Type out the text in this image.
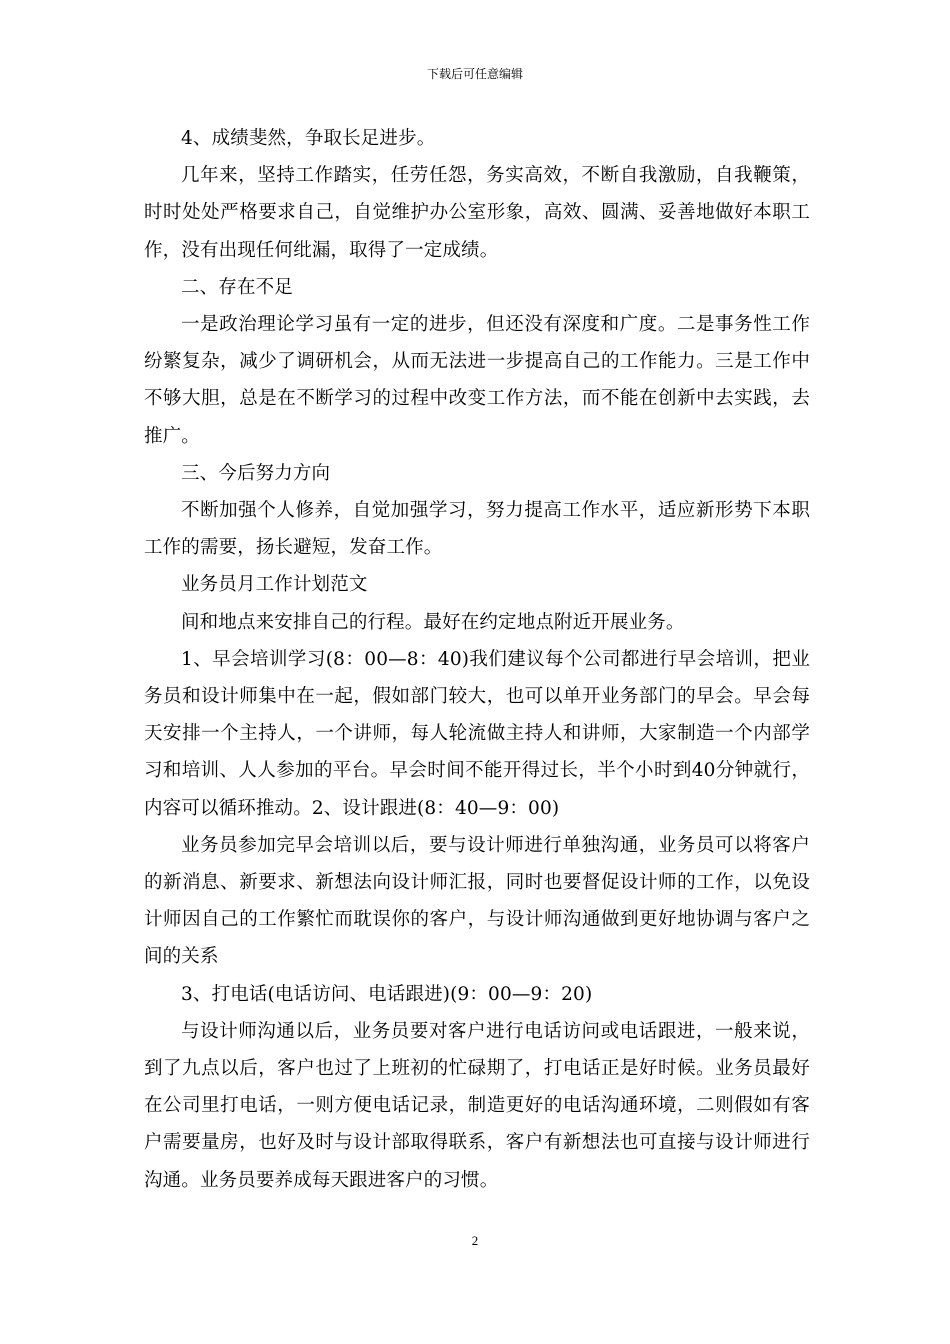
下载后可任意编辑

4、成绩斐然，争取长足进步。

几年来，坚持工作踏实，任劳任怨，务实高效，不断自我激励，自我鞭策，时时处处严格要求自己，自觉维护办公室形象，高效、圆满、妥善地做好本职工作，没有出现任何纰漏，取得了一定成绩。

二、存在不足

一是政治理论学习虽有一定的进步，但还没有深度和广度。二是事务性工作纷繁复杂，减少了调研机会，从而无法进一步提高自己的工作能力。三是工作中不够大胆，总是在不断学习的过程中改变工作方法，而不能在创新中去实践，去推广。

三、今后努力方向

不断加强个人修养，自觉加强学习，努力提高工作水平，适应新形势下本职工作的需要，扬长避短，发奋工作。

业务员月工作计划范文

间和地点来安排自己的行程。最好在约定地点附近开展业务。

1、早会培训学习(8：00—8：40)我们建议每个公司都进行早会培训，把业务员和设计师集中在一起，假如部门较大，也可以单开业务部门的早会。早会每天安排一个主持人，一个讲师，每人轮流做主持人和讲师，大家制造一个内部学习和培训、人人参加的平台。早会时间不能开得过长，半个小时到40分钟就行，内容可以循环推动。2、设计跟进(8：40—9：00)

业务员参加完早会培训以后，要与设计师进行单独沟通，业务员可以将客户的新消息、新要求、新想法向设计师汇报，同时也要督促设计师的工作，以免设计师因自己的工作繁忙而耽误你的客户，与设计师沟通做到更好地协调与客户之间的关系

3、打电话(电话访问、电话跟进)(9：00—9：20)

与设计师沟通以后，业务员要对客户进行电话访问或电话跟进，一般来说，到了九点以后，客户也过了上班初的忙碌期了，打电话正是好时候。业务员最好在公司里打电话，一则方便电话记录，制造更好的电话沟通环境，二则假如有客户需要量房，也好及时与设计部取得联系，客户有新想法也可直接与设计师进行沟通。业务员要养成每天跟进客户的习惯。

2
